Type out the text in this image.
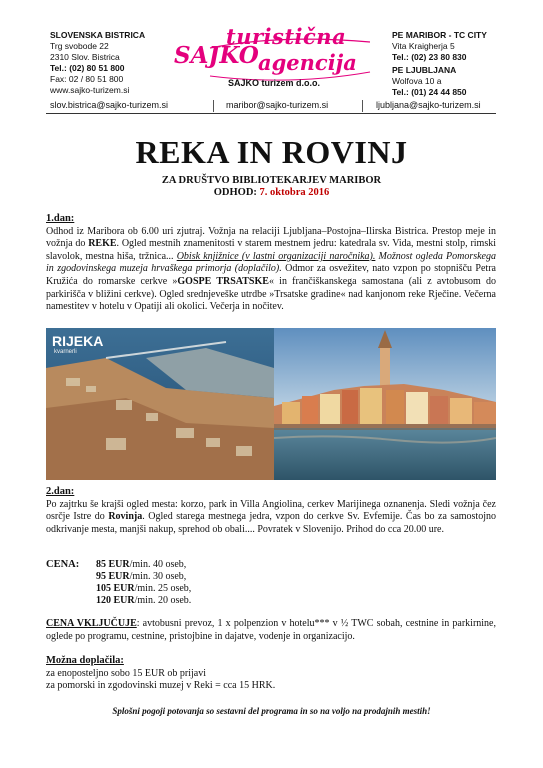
SLOVENSKA BISTRICA
Trg svobode 22
2310 Slov. Bistrica
Tel.: (02) 80 51 800
Fax: 02 / 80 51 800
www.sajko-turizem.si
turistična
SAJKO agencija
SAJKO turizem d.o.o.
PE MARIBOR - TC CITY
Vita Kraigherja 5
Tel.: (02) 23 80 830
PE LJUBLJANA
Wolfova 10 a
Tel.: (01) 24 44 850
slov.bistrica@sajko-turizem.si	maribor@sajko-turizem.si	ljubljana@sajko-turizem.si
REKA IN ROVINJ
ZA DRUŠTVO BIBLIOTEKARJEV MARIBOR
ODHOD: 7. oktobra 2016
1.dan:
Odhod iz Maribora ob 6.00 uri zjutraj. Vožnja na relaciji Ljubljana–Postojna–Ilirska Bistrica. Prestop meje in vožnja do REKE. Ogled mestnih znamenitosti v starem mestnem jedru: katedrala sv. Vida, mestni stolp, rimski slavolok, mestna hiša, tržnica... Obisk knjižnice (v lastni organizaciji naročnika). Možnost ogleda Pomorskega in zgodovinskega muzeja hrvaškega primorja (doplačilo). Odmor za osvežitev, nato vzpon po stopnišču Petra Kružića do romarske cerkve »GOSPE TRSATSKE« in frančiškanskega samostana (ali z avtobusom do parkirišča v bližini cerkve). Ogled srednjeveške utrdbe »Trsatske gradine« nad kanjonom reke Rječine. Večerna namestitev v hotelu v Opatiji ali okolici. Večerja in nočitev.
RIJEKA
kvarnerli
2.dan:
Po zajtrku še krajši ogled mesta: korzo, park in Villa Angiolina, cerkev Marijinega oznanenja. Sledi vožnja čez osrčje Istre do Rovinja. Ogled starega mestnega jedra, vzpon do cerkve Sv. Evfemije. Čas bo za samostojno odkrivanje mesta, manjši nakup, sprehod ob obali.... Povratek v Slovenijo. Prihod do cca 20.00 ure.
CENA: 85 EUR/min. 40 oseb,
95 EUR/min. 30 oseb,
105 EUR/min. 25 oseb,
120 EUR/min. 20 oseb.
CENA VKLJUČUJE: avtobusni prevoz, 1 x polpenzion v hotelu*** v ½ TWC sobah, cestnine in parkirnine, oglede po programu, cestnine, pristojbine in dajatve, vodenje in organizacijo.
Možna doplačila:
za enoposteljno sobo 15 EUR ob prijavi
za pomorski in zgodovinski muzej v Reki = cca 15 HRK.
Splošni pogoji potovanja so sestavni del programa in so na voljo na prodajnih mestih!
